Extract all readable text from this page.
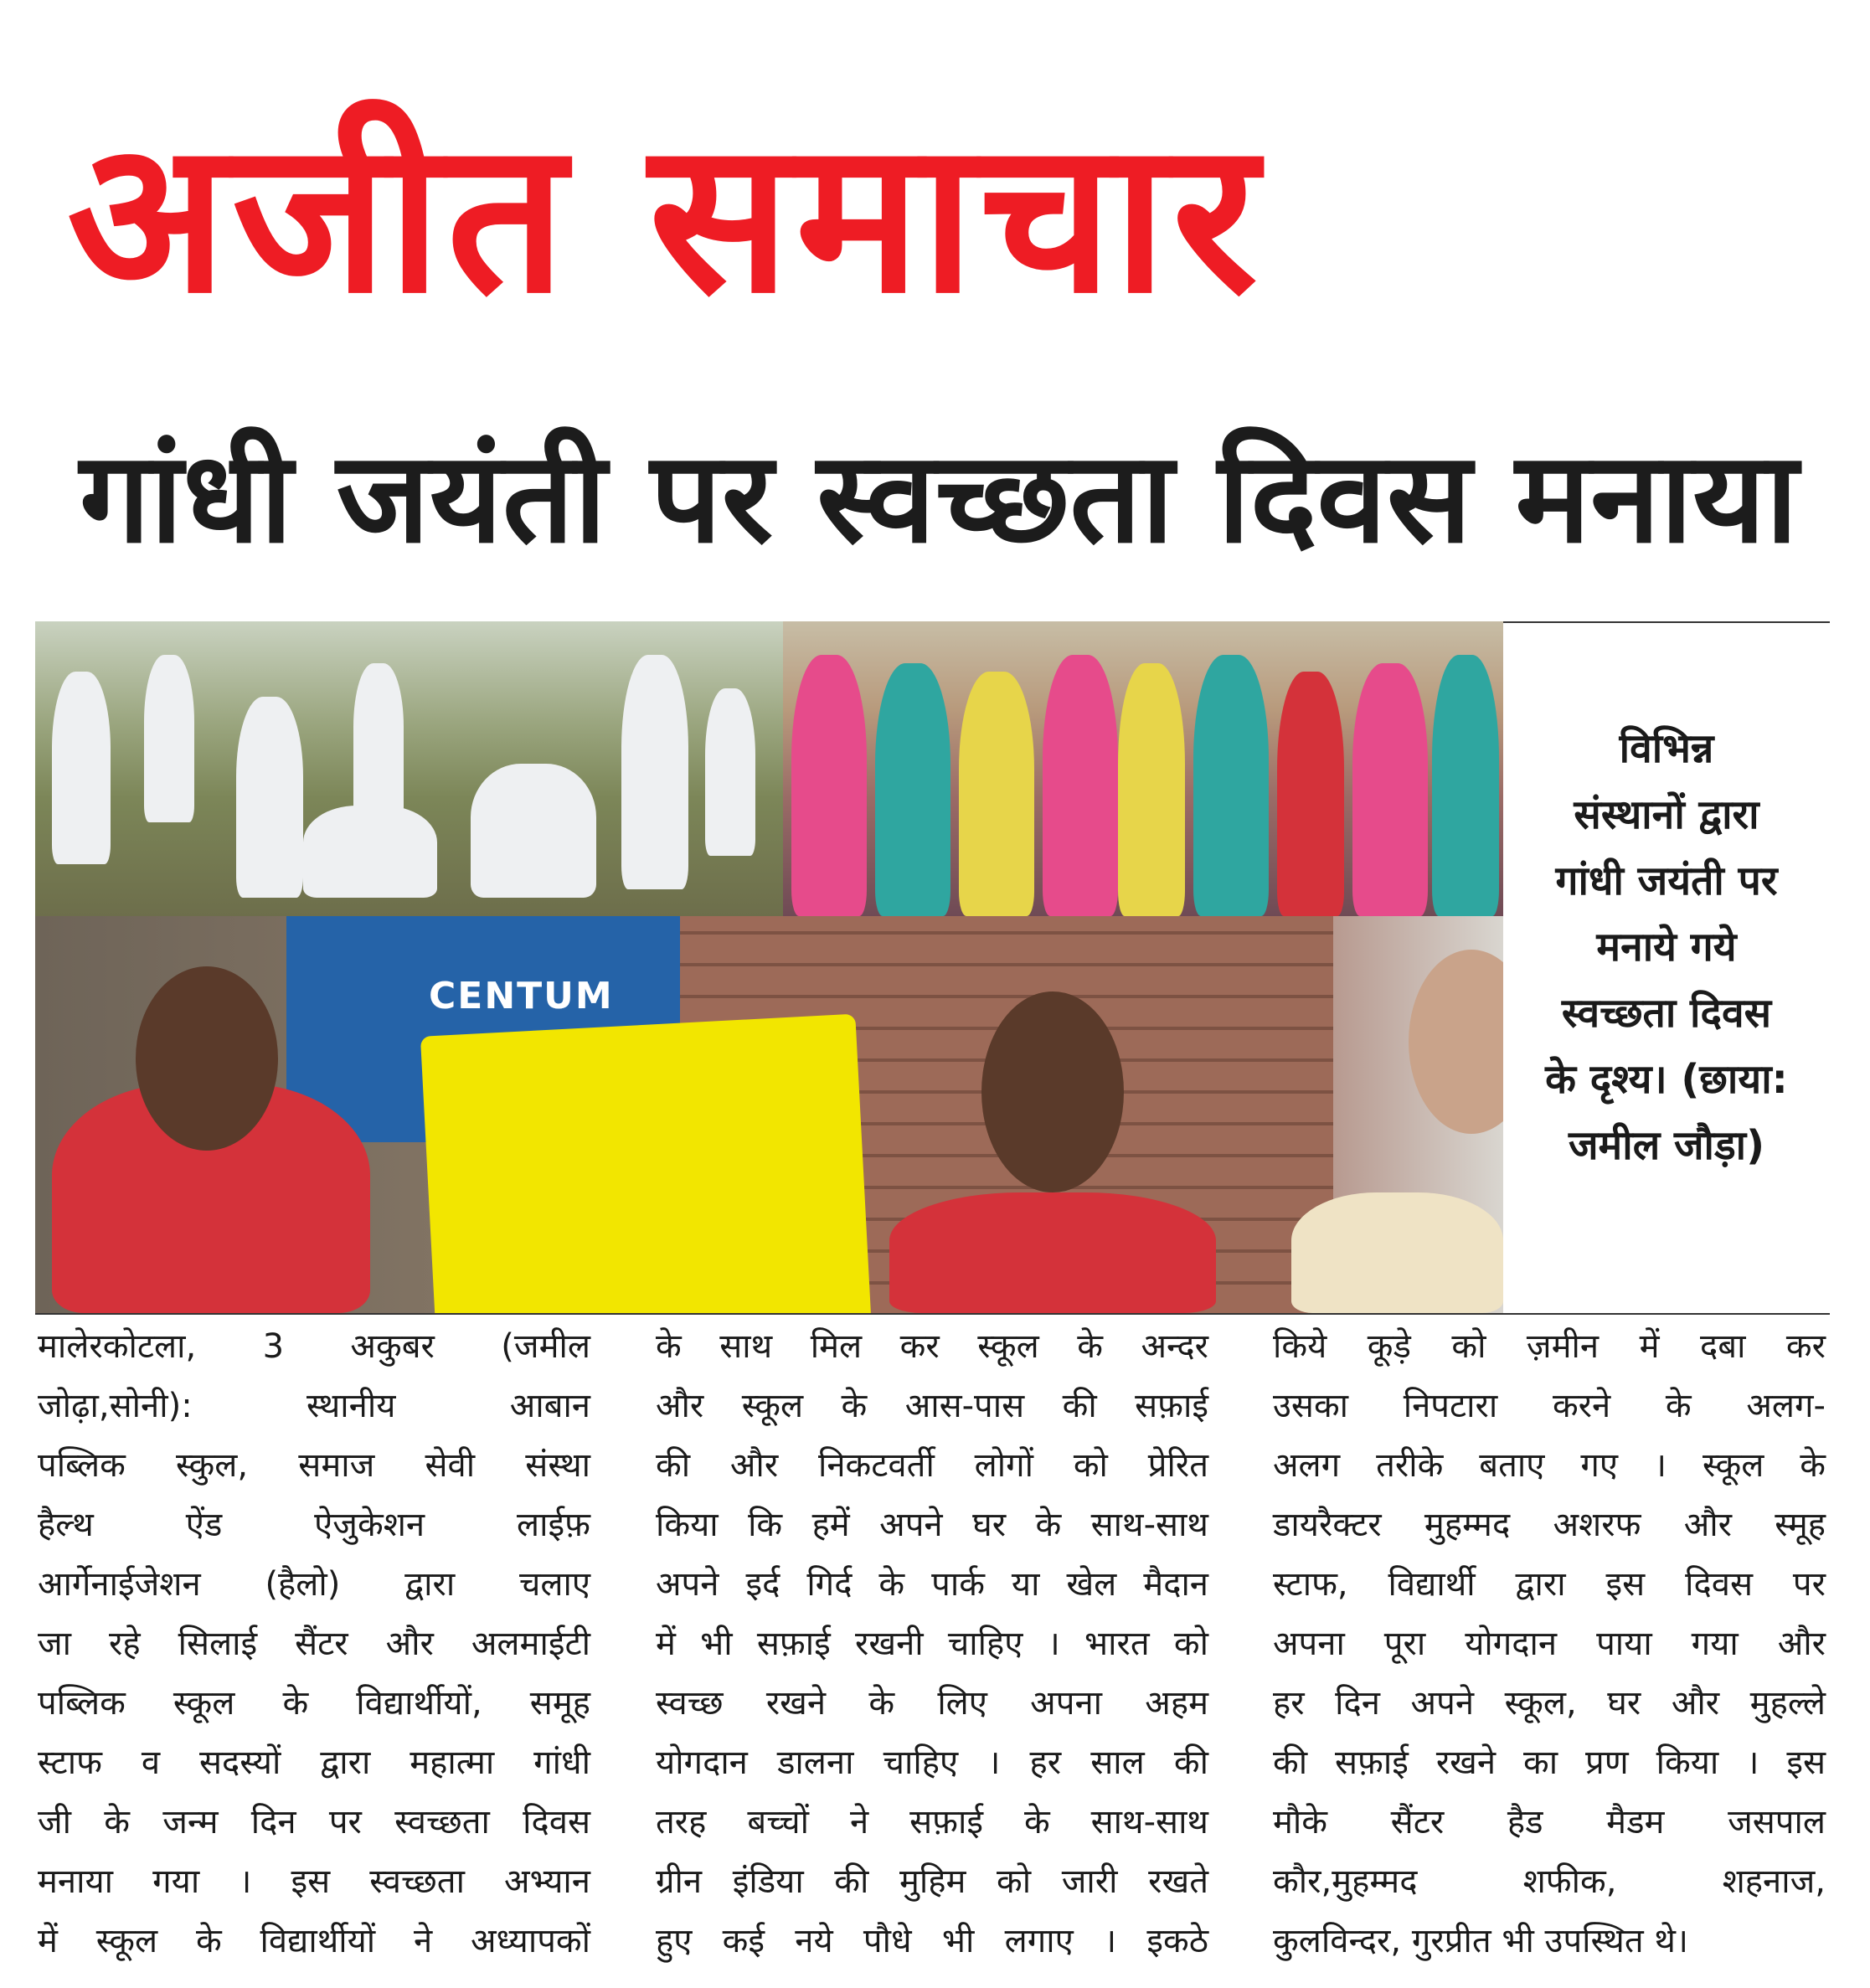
अजीत समाचार
गांधी जयंती पर स्वच्छता दिवस मनाया
CENTUM
विभिन्न
संस्थानों द्वारा
गांधी जयंती पर
मनाये गये
स्वच्छता दिवस
के दृश्य। (छाया:
जमील जौड़ा)
मालेरकोटला, 3 अकुबर (जमील
जोढ़ा,सोनी): स्थानीय आबान
पब्लिक स्कुल, समाज सेवी संस्था
हैल्थ ऐंड ऐजुकेशन लाईफ़
आर्गेनाईजेशन (हैलो) द्वारा चलाए
जा रहे सिलाई सैंटर और अलमाईटी
पब्लिक स्कूल के विद्यार्थीयों, समूह
स्टाफ व सदस्यों द्वारा महात्मा गांधी
जी के जन्म दिन पर स्वच्छता दिवस
मनाया गया । इस स्वच्छता अभ्यान
में स्कूल के विद्यार्थीयों ने अध्यापकों
के साथ मिल कर स्कूल के अन्दर
और स्कूल के आस-पास की सफ़ाई
की और निकटवर्ती लोगों को प्रेरित
किया कि हमें अपने घर के साथ-साथ
अपने इर्द गिर्द के पार्क या खेल मैदान
में भी सफ़ाई रखनी चाहिए । भारत को
स्वच्छ रखने के लिए अपना अहम
योगदान डालना चाहिए । हर साल की
तरह बच्चों ने सफ़ाई के साथ-साथ
ग्रीन इंडिया की मुहिम को जारी रखते
हुए कई नये पौधे भी लगाए । इकठे
किये कूड़े को ज़मीन में दबा कर
उसका निपटारा करने के अलग-
अलग तरीके बताए गए । स्कूल के
डायरैक्टर मुहम्मद अशरफ और स्मूह
स्टाफ, विद्यार्थी द्वारा इस दिवस पर
अपना पूरा योगदान पाया गया और
हर दिन अपने स्कूल, घर और मुहल्ले
की सफ़ाई रखने का प्रण किया । इस
मौके सैंटर हैड मैडम जसपाल
कौर,मुहम्मद शफीक, शहनाज,
कुलविन्दर, गुरप्रीत भी उपस्थित थे।
